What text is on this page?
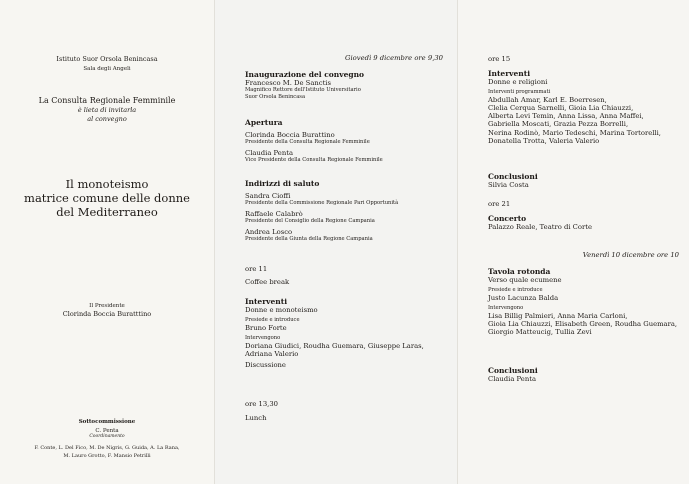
Istituto Suor Orsola Benincasa
Sala degli Angeli
La Consulta Regionale Femminile
è lieta di invitarla
al convegno
Il monoteismo
matrice comune delle donne
del Mediterraneo
Il Presidente
Clorinda Boccia Buratttino
Sottocommissione
C. Penta
Coordinamento
F. Conte, L. Del Fico, M. De Nigris, G. Guida, A. La Rana,
M. Lauro Grotto, F. Mansio Petrilli
Giovedì 9 dicembre ore 9,30
Inaugurazione del convegno
Francesco M. De Sanctis
Magnifico Rettore dell'Istituto Universitario
Suor Orsola Benincasa
Apertura
Clorinda Boccia Burattino
Presidente della Consulta Regionale Femminile
Claudia Penta
Vice Presidente della Consulta Regionale Femminile
Indirizzi di saluto
Sandra Cioffi
Presidente della Commissione Regionale Pari Opportunità
Raffaele Calabrò
Presidente del Consiglio della Regione Campania
Andrea Losco
Presidente della Giunta della Regione Campania
ore 11
Coffee break
Interventi
Donne e monoteismo
Presiede e introduce
Bruno Forte
Intervengono
Doriana Giudici, Roudha Guemara, Giuseppe Laras,
Adriana Valerio
Discussione
ore 13,30
Lunch
ore 15
Interventi
Donne e religioni
Interventi programmati
Abdullah Amar, Karl E. Boerresen,
Clelia Cerqua Sarnelli, Gioia Lia Chiauzzi,
Alberta Levi Temin, Anna Lissa, Anna Maffei,
Gabriella Moscati, Grazia Pezza Borrelli,
Nerina Rodinò, Mario Tedeschi, Marina Tortorelli,
Donatella Trotta, Valeria Valerio
Conclusioni
Silvia Costa
ore 21
Concerto
Palazzo Reale, Teatro di Corte
Venerdì 10 dicembre ore 10
Tavola rotonda
Verso quale ecumene
Presiede e introduce
Justo Lacunza Balda
Intervengono
Lisa Billig Palmieri, Anna Maria Carloni,
Gioia Lia Chiauzzi, Elisabeth Green, Roudha Guemara,
Giorgio Matteucig, Tullia Zevi
Conclusioni
Claudia Penta
